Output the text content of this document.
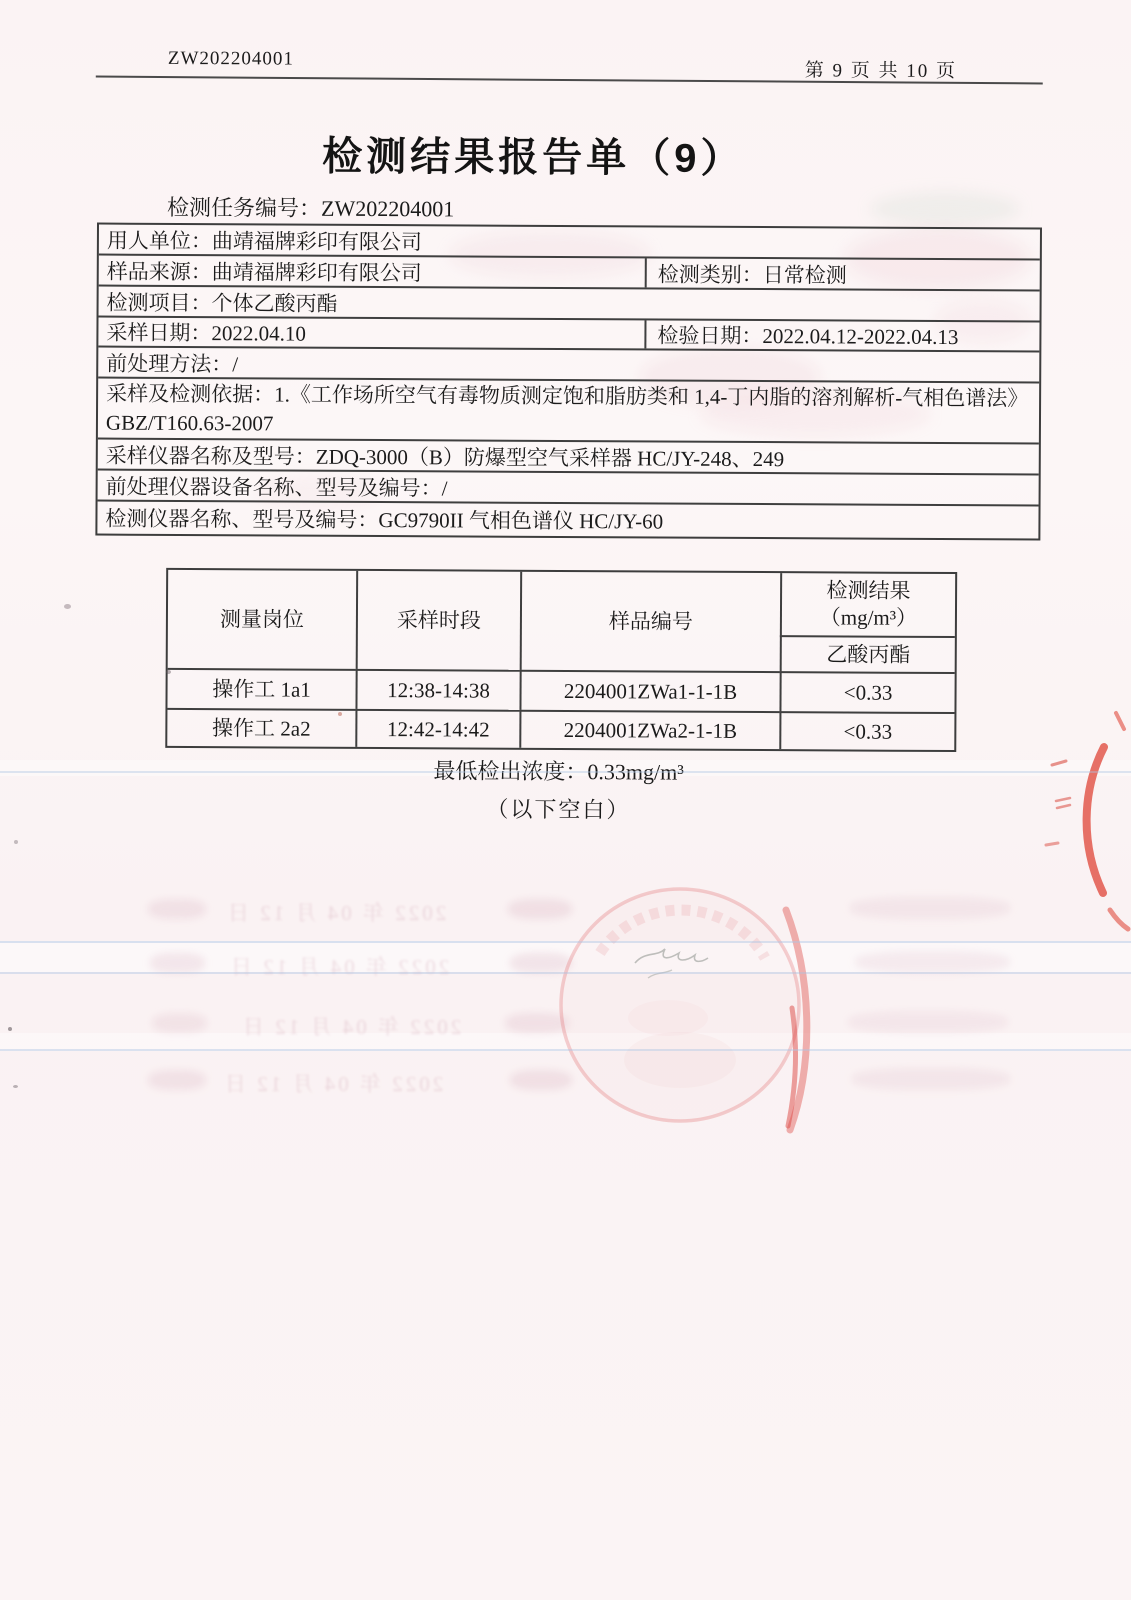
2022 年 04 月 12 日
2022 年 04 月 12 日
2022 年 04 月 12 日
2022 年 04 月 12 日
ZW202204001
第 9 页 共 10 页
检测结果报告单（9）
检测任务编号：ZW202204001
用人单位：曲靖福牌彩印有限公司
样品来源：曲靖福牌彩印有限公司	检测类别：日常检测
检测项目：个体乙酸丙酯
采样日期：2022.04.10	检验日期：2022.04.12-2022.04.13
前处理方法：/
采样及检测依据：1.《工作场所空气有毒物质测定饱和脂肪类和 1,4-丁内脂的溶剂解析-气相色谱法》GBZ/T160.63-2007
采样仪器名称及型号：ZDQ-3000（B）防爆型空气采样器 HC/JY-248、249
前处理仪器设备名称、型号及编号：/
检测仪器名称、型号及编号：GC9790II 气相色谱仪 HC/JY-60
测量岗位	采样时段	样品编号
检测结果
（mg/m³）
乙酸丙酯
操作工 1a1	12:38-14:38	2204001ZWa1-1-1B	<0.33
操作工 2a2	12:42-14:42	2204001ZWa2-1-1B	<0.33
最低检出浓度：0.33mg/m³
（以下空白）
